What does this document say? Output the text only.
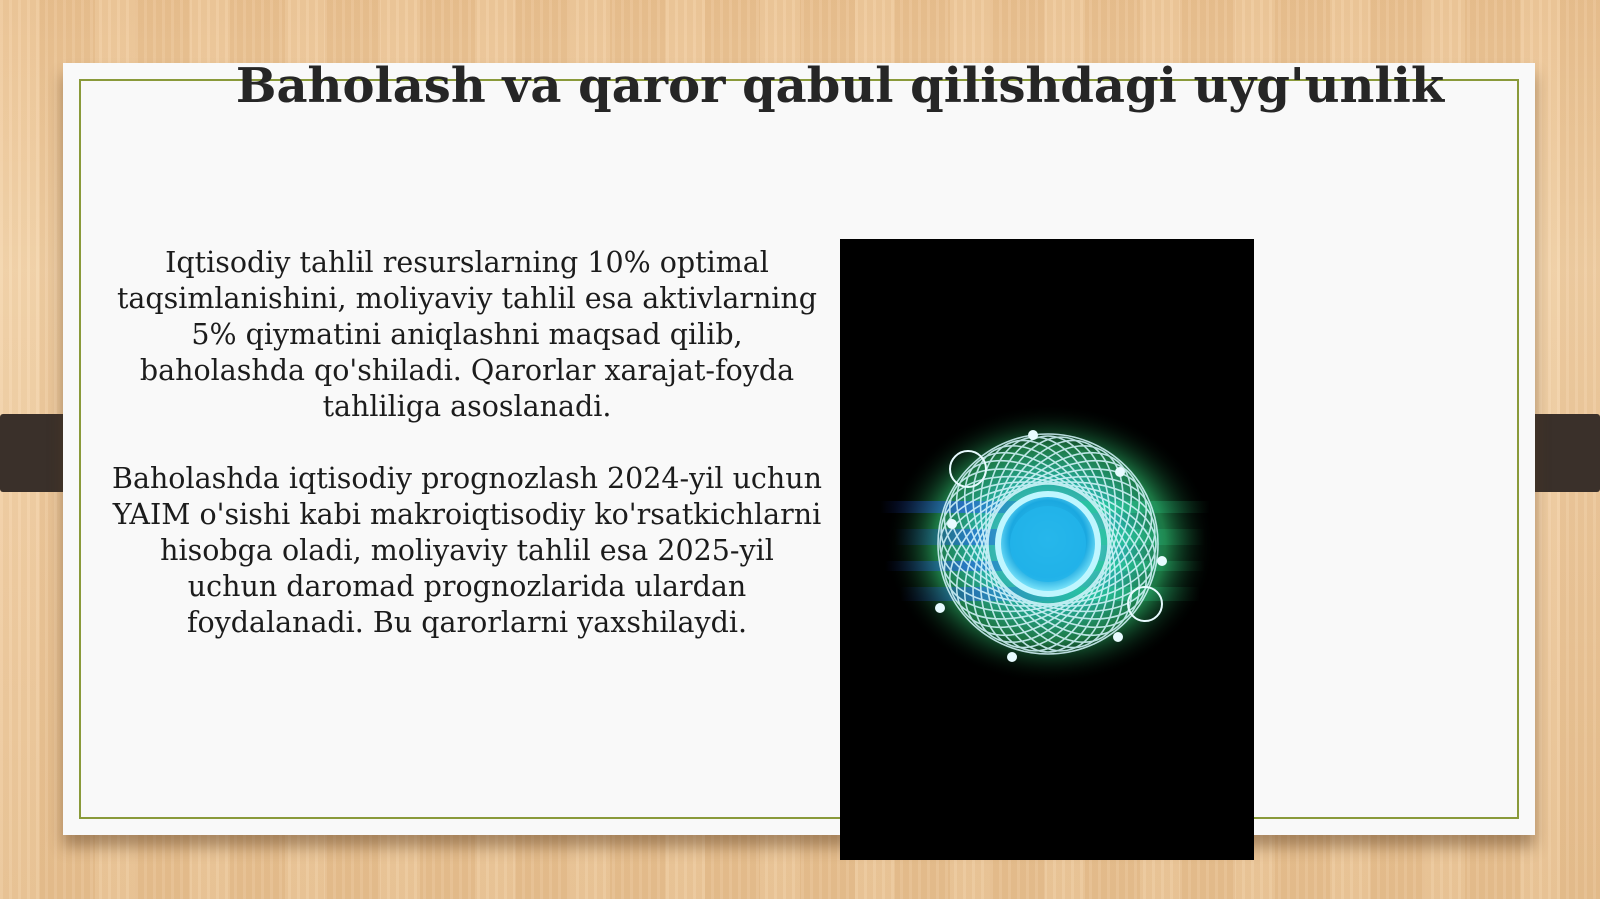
Baholash va qaror qabul qilishdagi uyg'unlik

Iqtisodiy tahlil resurslarning 10% optimal taqsimlanishini, moliyaviy tahlil esa aktivlarning 5% qiymatini aniqlashni maqsad qilib, baholashda qo'shiladi. Qarorlar xarajat-foyda tahliliga asoslanadi.

Baholashda iqtisodiy prognozlash 2024-yil uchun YAIM o'sishi kabi makroiqtisodiy ko'rsatkichlarni hisobga oladi, moliyaviy tahlil esa 2025-yil uchun daromad prognozlarida ulardan foydalanadi. Bu qarorlarni yaxshilaydi.
